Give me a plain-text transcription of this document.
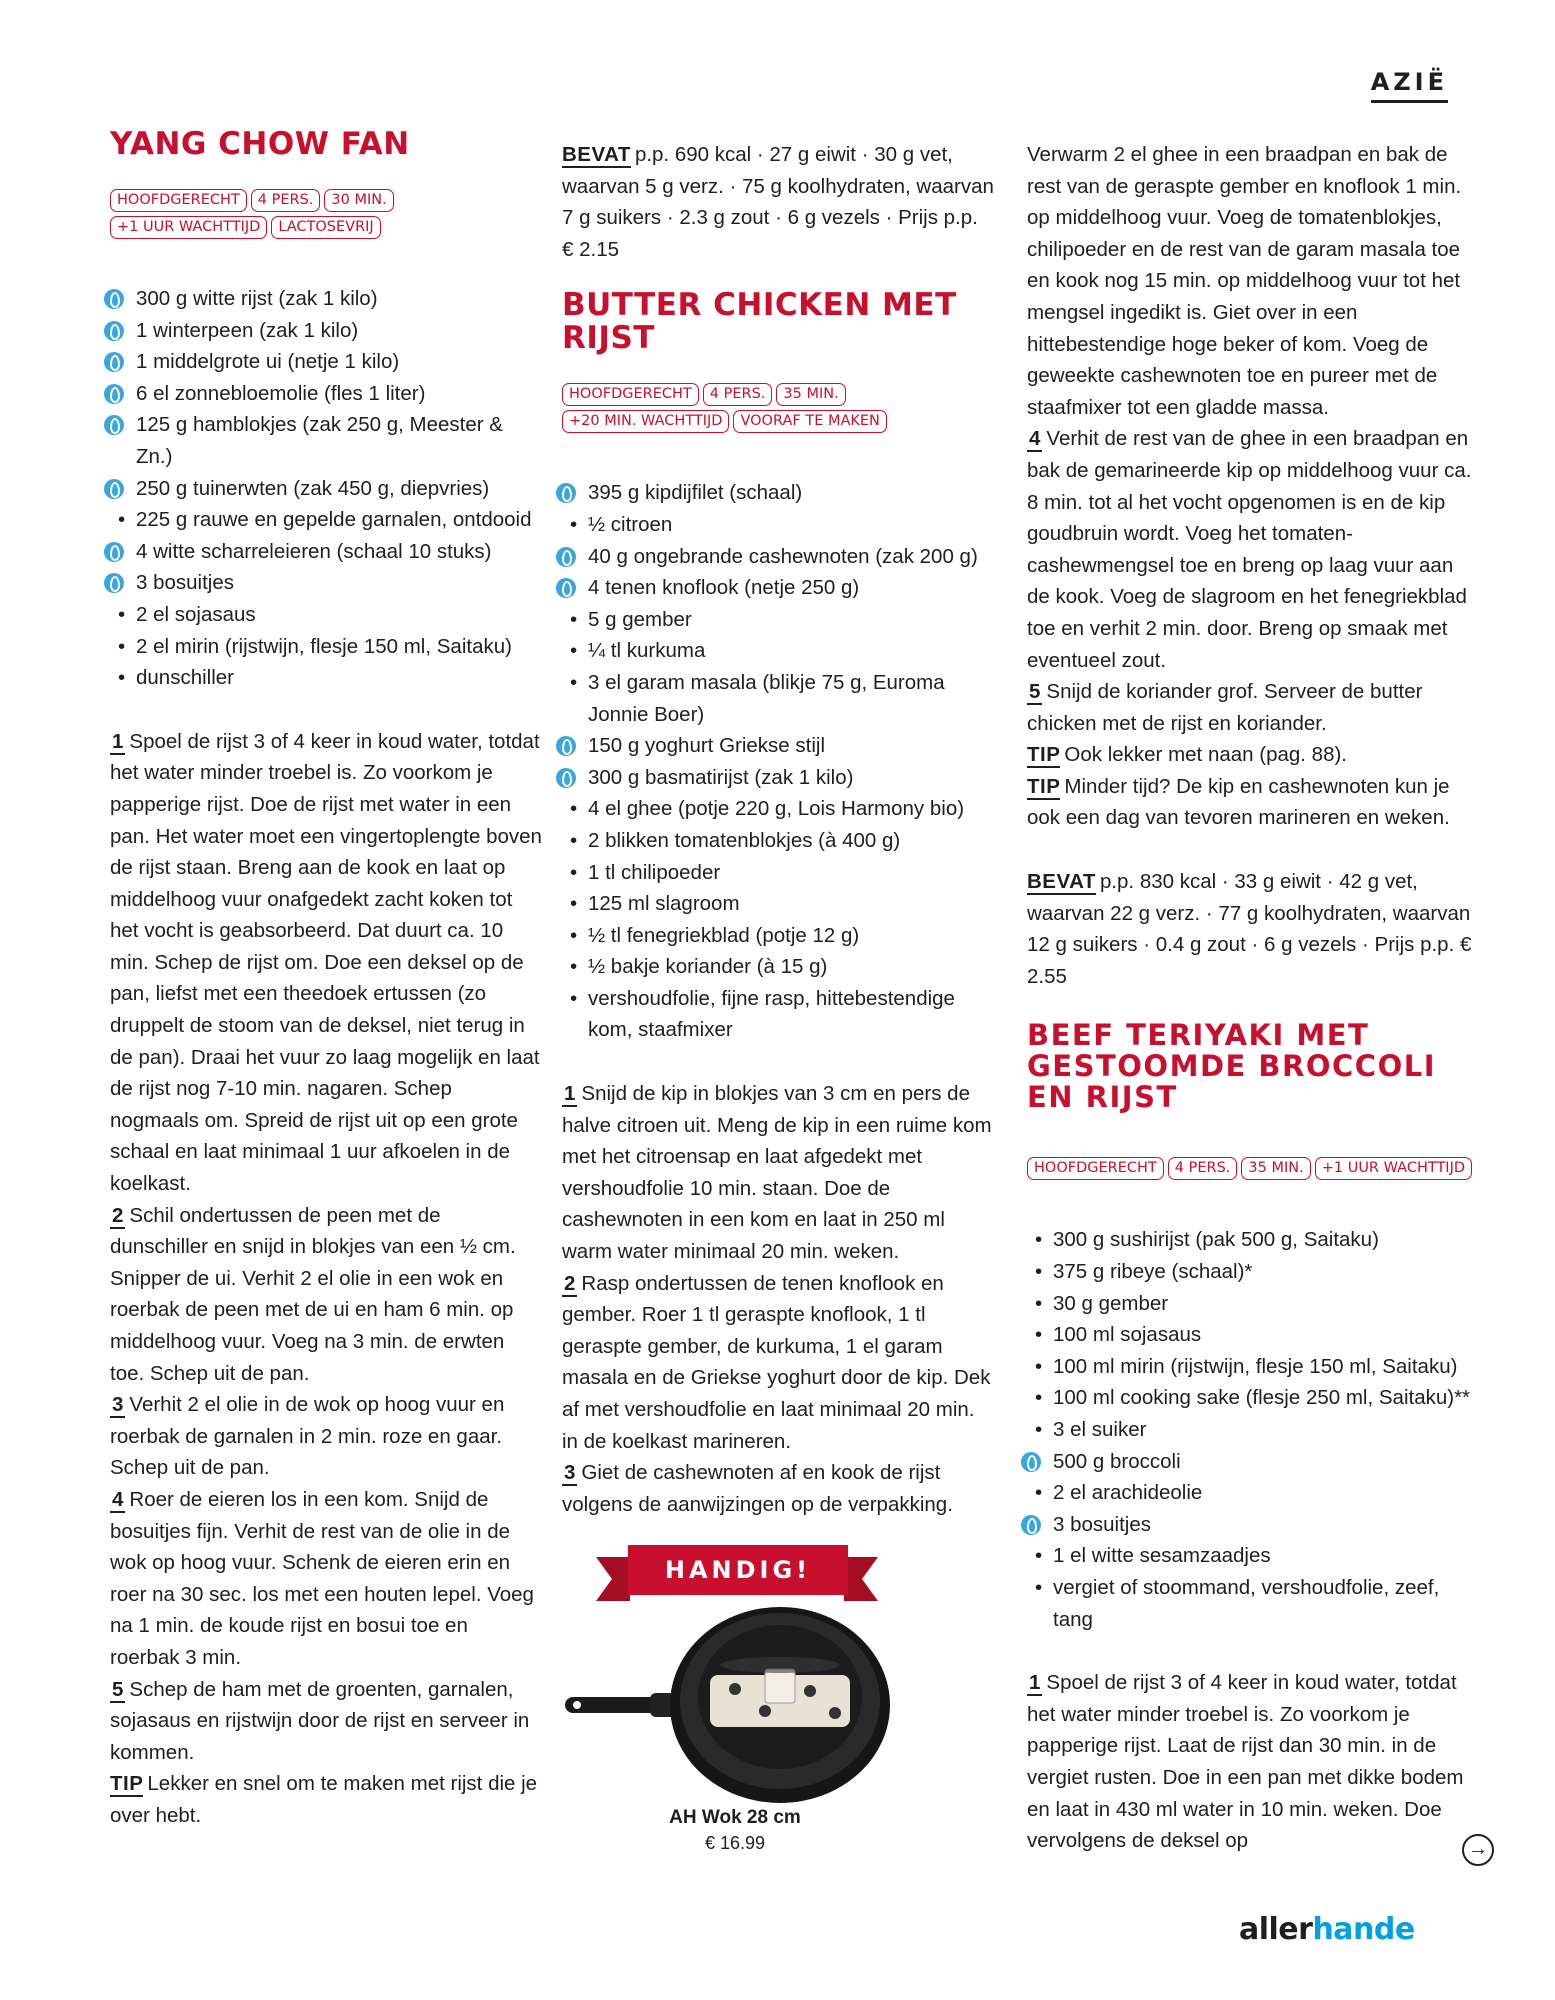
AZIË
YANG CHOW FAN
HOOFDGERECHT	4 PERS.	30 MIN.
+1 UUR WACHTTIJD	LACTOSEVRIJ
300 g witte rijst (zak 1 kilo)
1 winterpeen (zak 1 kilo)
1 middelgrote ui (netje 1 kilo)
6 el zonnebloemolie (fles 1 liter)
125 g hamblokjes (zak 250 g, Meester & Zn.)
250 g tuinerwten (zak 450 g, diepvries)
• 225 g rauwe en gepelde garnalen, ontdooid
4 witte scharreleieren (schaal 10 stuks)
3 bosuitjes
• 2 el sojasaus
• 2 el mirin (rijstwijn, flesje 150 ml, Saitaku)
• dunschiller

1 Spoel de rijst 3 of 4 keer in koud water, totdat het water minder troebel is. Zo voorkom je papperige rijst. Doe de rijst met water in een pan. Het water moet een vingertoplengte boven de rijst staan. Breng aan de kook en laat op middelhoog vuur onafgedekt zacht koken tot het vocht is geabsorbeerd. Dat duurt ca. 10 min. Schep de rijst om. Doe een deksel op de pan, liefst met een theedoek ertussen (zo druppelt de stoom van de deksel, niet terug in de pan). Draai het vuur zo laag mogelijk en laat de rijst nog 7-10 min. nagaren. Schep nogmaals om. Spreid de rijst uit op een grote schaal en laat minimaal 1 uur afkoelen in de koelkast.

2 Schil ondertussen de peen met de dunschiller en snijd in blokjes van een ½ cm. Snipper de ui. Verhit 2 el olie in een wok en roerbak de peen met de ui en ham 6 min. op middelhoog vuur. Voeg na 3 min. de erwten toe. Schep uit de pan.

3 Verhit 2 el olie in de wok op hoog vuur en roerbak de garnalen in 2 min. roze en gaar. Schep uit de pan.

4 Roer de eieren los in een kom. Snijd de bosuitjes fijn. Verhit de rest van de olie in de wok op hoog vuur. Schenk de eieren erin en roer na 30 sec. los met een houten lepel. Voeg na 1 min. de koude rijst en bosui toe en roerbak 3 min.

5 Schep de ham met de groenten, garnalen, sojasaus en rijstwijn door de rijst en serveer in kommen.

TIP Lekker en snel om te maken met rijst die je over hebt.

BEVAT p.p. 690 kcal · 27 g eiwit · 30 g vet, waarvan 5 g verz. · 75 g koolhydraten, waarvan 7 g suikers · 2.3 g zout · 6 g vezels · Prijs p.p. € 2.15

BUTTER CHICKEN MET RIJST
HOOFDGERECHT	4 PERS.	35 MIN.
+20 MIN. WACHTTIJD	VOORAF TE MAKEN
395 g kipdijfilet (schaal)
• ½ citroen
40 g ongebrande cashewnoten (zak 200 g)
4 tenen knoflook (netje 250 g)
• 5 g gember
• ¼ tl kurkuma
• 3 el garam masala (blikje 75 g, Euroma Jonnie Boer)
150 g yoghurt Griekse stijl
300 g basmatirijst (zak 1 kilo)
• 4 el ghee (potje 220 g, Lois Harmony bio)
• 2 blikken tomatenblokjes (à 400 g)
• 1 tl chilipoeder
• 125 ml slagroom
• ½ tl fenegriekblad (potje 12 g)
• ½ bakje koriander (à 15 g)
• vershoudfolie, fijne rasp, hittebestendige kom, staafmixer

1 Snijd de kip in blokjes van 3 cm en pers de halve citroen uit. Meng de kip in een ruime kom met het citroensap en laat afgedekt met vershoudfolie 10 min. staan. Doe de cashewnoten in een kom en laat in 250 ml warm water minimaal 20 min. weken.

2 Rasp ondertussen de tenen knoflook en gember. Roer 1 tl geraspte knoflook, 1 tl geraspte gember, de kurkuma, 1 el garam masala en de Griekse yoghurt door de kip. Dek af met vershoudfolie en laat minimaal 20 min. in de koelkast marineren.

3 Giet de cashewnoten af en kook de rijst volgens de aanwijzingen op de verpakking.

HANDIG!
AH Wok 28 cm
€ 16.99

Verwarm 2 el ghee in een braadpan en bak de rest van de geraspte gember en knoflook 1 min. op middelhoog vuur. Voeg de tomatenblokjes, chilipoeder en de rest van de garam masala toe en kook nog 15 min. op middelhoog vuur tot het mengsel ingedikt is. Giet over in een hittebestendige hoge beker of kom. Voeg de geweekte cashewnoten toe en pureer met de staafmixer tot een gladde massa.

4 Verhit de rest van de ghee in een braadpan en bak de gemarineerde kip op middelhoog vuur ca. 8 min. tot al het vocht opgenomen is en de kip goudbruin wordt. Voeg het tomaten-cashewmengsel toe en breng op laag vuur aan de kook. Voeg de slagroom en het fenegriekblad toe en verhit 2 min. door. Breng op smaak met eventueel zout.

5 Snijd de koriander grof. Serveer de butter chicken met de rijst en koriander.

TIP Ook lekker met naan (pag. 88).

TIP Minder tijd? De kip en cashewnoten kun je ook een dag van tevoren marineren en weken.

BEVAT p.p. 830 kcal · 33 g eiwit · 42 g vet, waarvan 22 g verz. · 77 g koolhydraten, waarvan 12 g suikers · 0.4 g zout · 6 g vezels · Prijs p.p. € 2.55

BEEF TERIYAKI MET
GESTOOMDE BROCCOLI
EN RIJST
HOOFDGERECHT	4 PERS.	35 MIN.	+1 UUR WACHTTIJD
• 300 g sushirijst (pak 500 g, Saitaku)
• 375 g ribeye (schaal)*
• 30 g gember
• 100 ml sojasaus
• 100 ml mirin (rijstwijn, flesje 150 ml, Saitaku)
• 100 ml cooking sake (flesje 250 ml, Saitaku)**
• 3 el suiker
500 g broccoli
• 2 el arachideolie
3 bosuitjes
• 1 el witte sesamzaadjes
• vergiet of stoommand, vershoudfolie, zeef, tang

1 Spoel de rijst 3 of 4 keer in koud water, totdat het water minder troebel is. Zo voorkom je papperige rijst. Laat de rijst dan 30 min. in de vergiet rusten. Doe in een pan met dikke bodem en laat in 430 ml water in 10 min. weken. Doe vervolgens de deksel op	→
allerhande
